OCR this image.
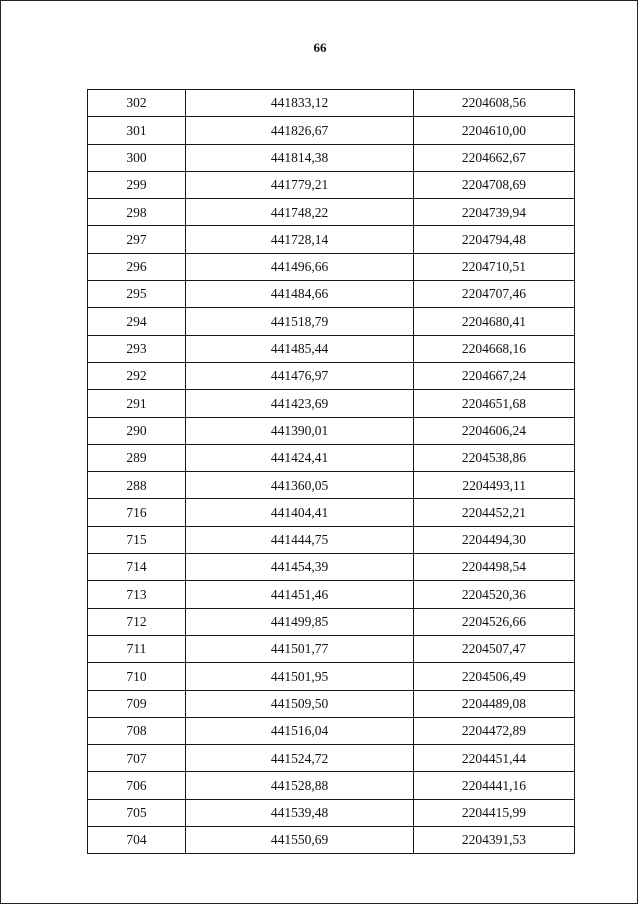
66
302	441833,12	2204608,56
301	441826,67	2204610,00
300	441814,38	2204662,67
299	441779,21	2204708,69
298	441748,22	2204739,94
297	441728,14	2204794,48
296	441496,66	2204710,51
295	441484,66	2204707,46
294	441518,79	2204680,41
293	441485,44	2204668,16
292	441476,97	2204667,24
291	441423,69	2204651,68
290	441390,01	2204606,24
289	441424,41	2204538,86
288	441360,05	2204493,11
716	441404,41	2204452,21
715	441444,75	2204494,30
714	441454,39	2204498,54
713	441451,46	2204520,36
712	441499,85	2204526,66
711	441501,77	2204507,47
710	441501,95	2204506,49
709	441509,50	2204489,08
708	441516,04	2204472,89
707	441524,72	2204451,44
706	441528,88	2204441,16
705	441539,48	2204415,99
704	441550,69	2204391,53
